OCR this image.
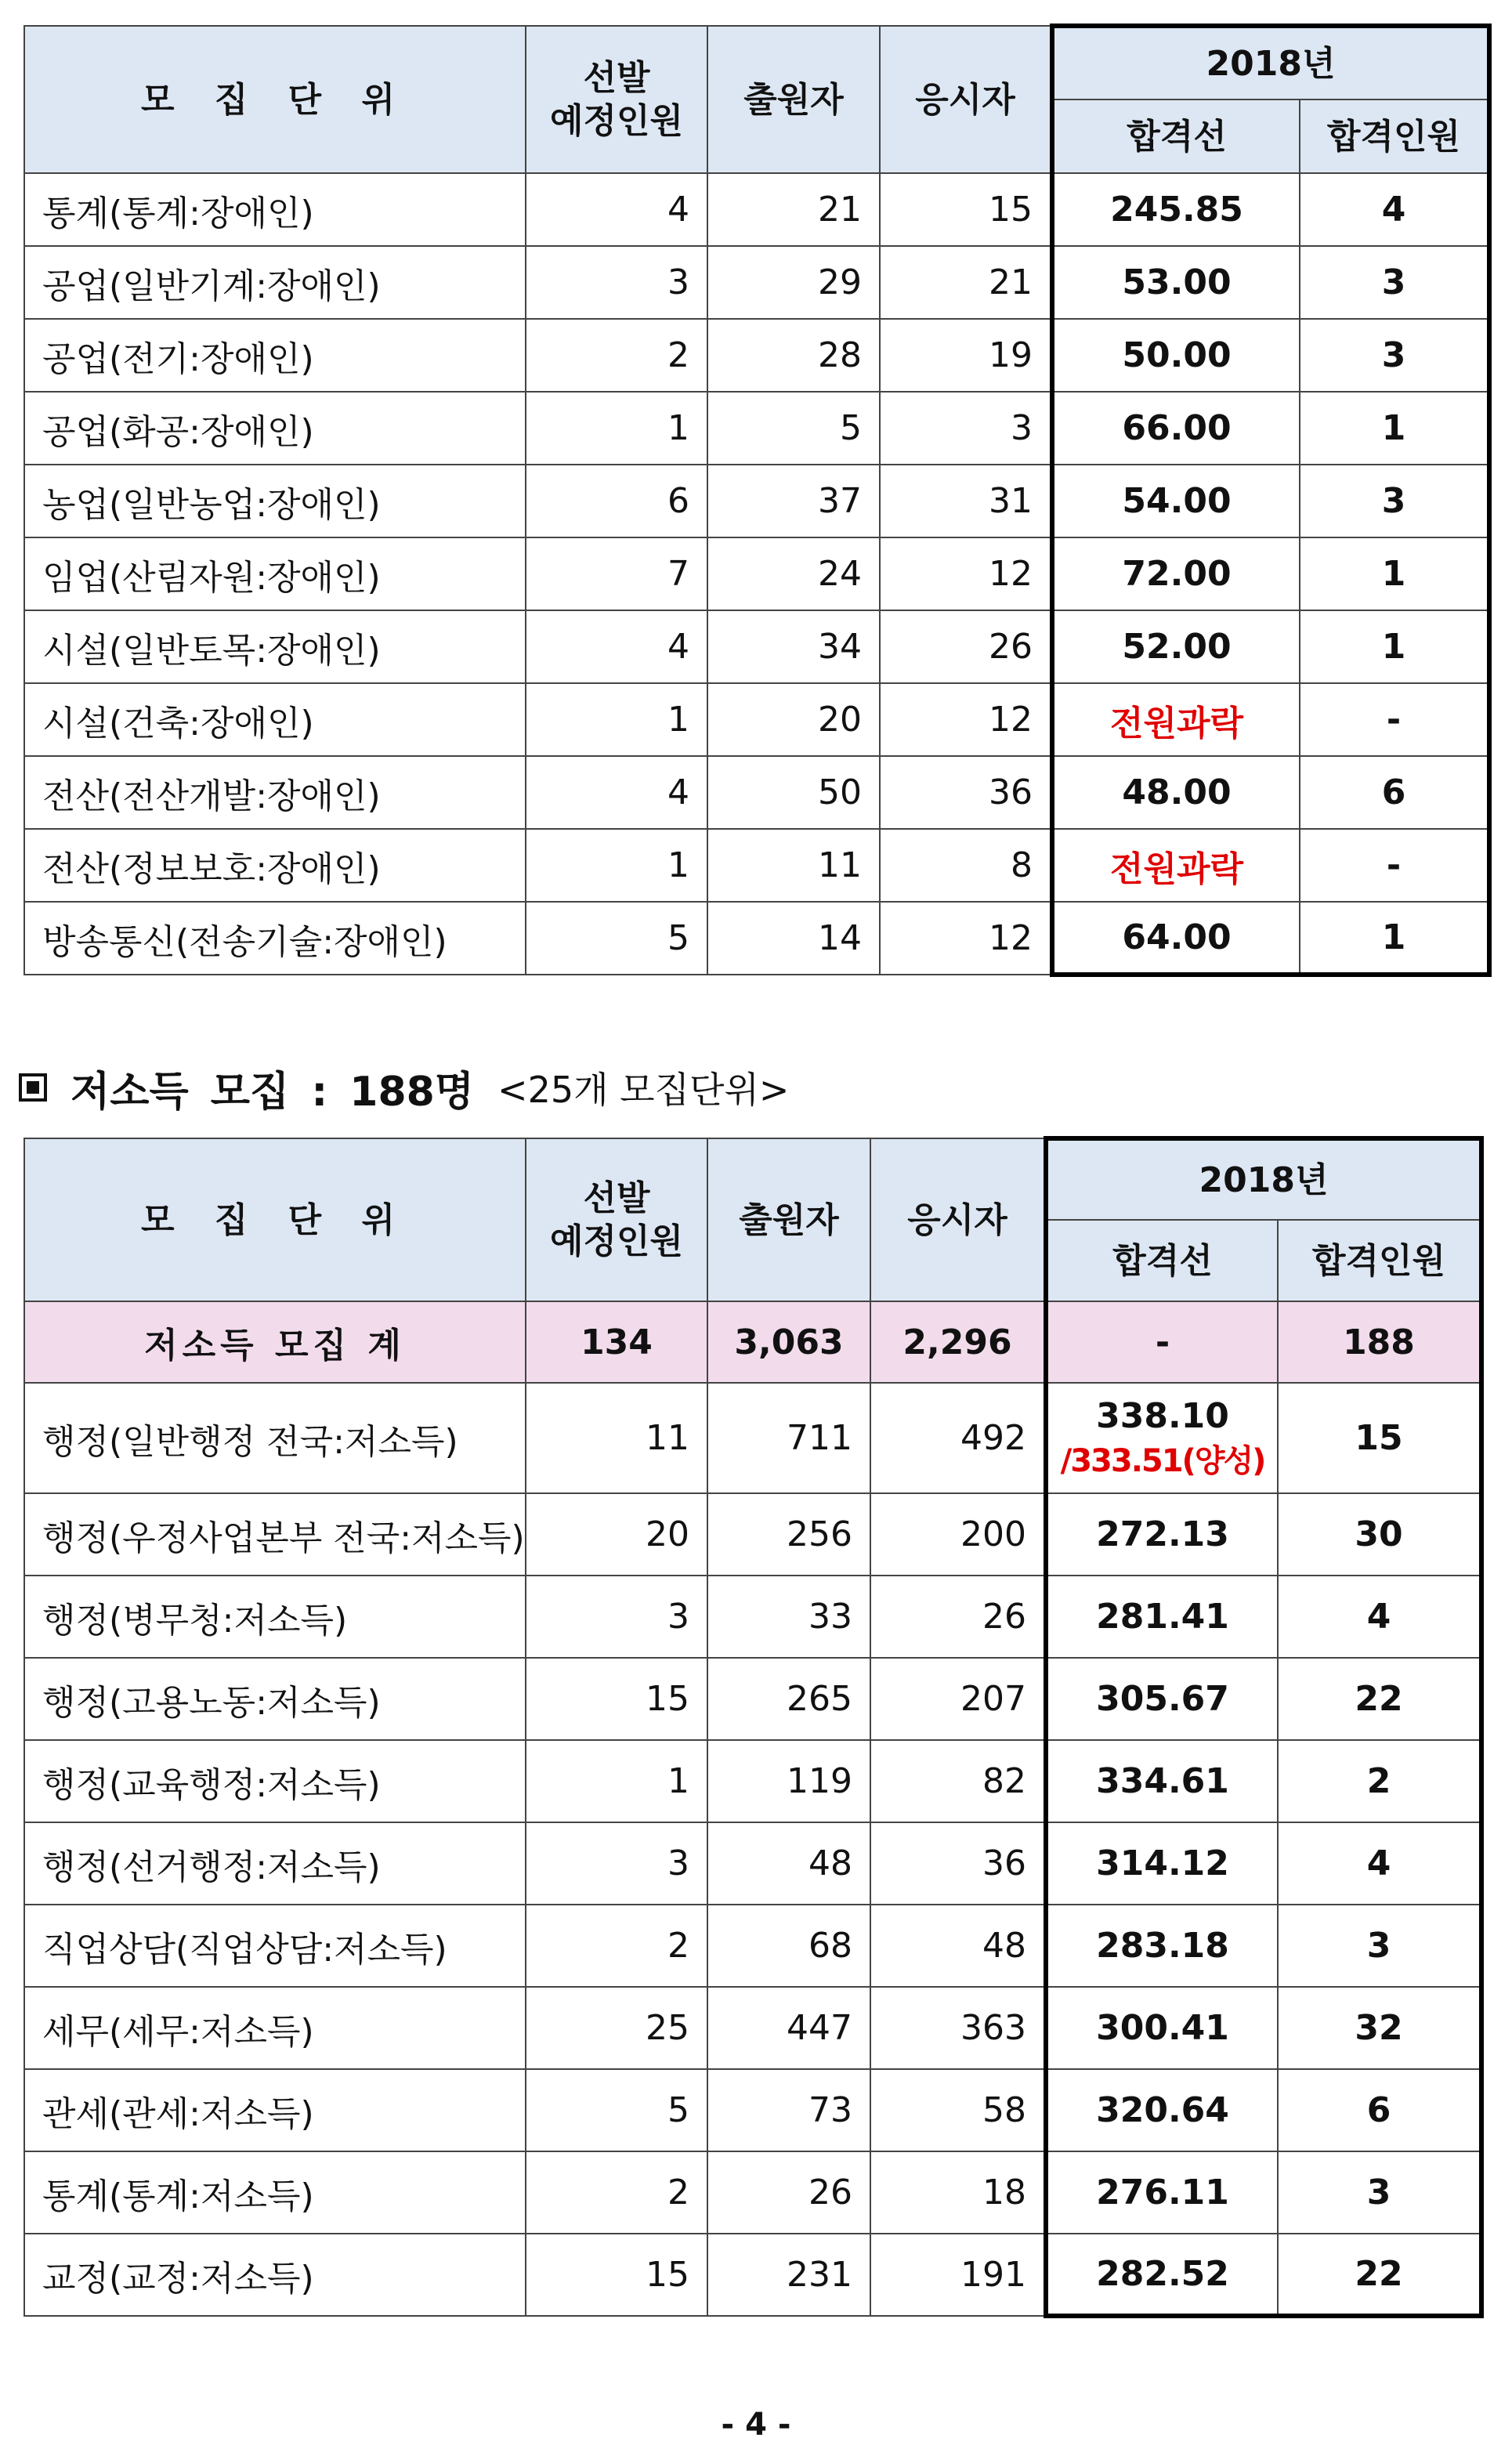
모 집 단 위	선발
예정인원	출원자	응시자	2018년	
				합격선	합격인원
통계(통계:장애인)	4	21	15	245.85	4
공업(일반기계:장애인)	3	29	21	53.00	3
공업(전기:장애인)	2	28	19	50.00	3
공업(화공:장애인)	1	5	3	66.00	1
농업(일반농업:장애인)	6	37	31	54.00	3
임업(산림자원:장애인)	7	24	12	72.00	1
시설(일반토목:장애인)	4	34	26	52.00	1
시설(건축:장애인)	1	20	12	전원과락	-
전산(전산개발:장애인)	4	50	36	48.00	6
전산(정보보호:장애인)	1	11	8	전원과락	-
방송통신(전송기술:장애인)	5	14	12	64.00	1
저소득 모집 : 188명 <25개 모집단위>
모 집 단 위	선발
예정인원	출원자	응시자	2018년	
				합격선	합격인원
저소득 모집 계	134	3,063	2,296	-	188
행정(일반행정 전국:저소득)	11	711	492	338.10
/333.51(양성)	15
행정(우정사업본부 전국:저소득)	20	256	200	272.13	30
행정(병무청:저소득)	3	33	26	281.41	4
행정(고용노동:저소득)	15	265	207	305.67	22
행정(교육행정:저소득)	1	119	82	334.61	2
행정(선거행정:저소득)	3	48	36	314.12	4
직업상담(직업상담:저소득)	2	68	48	283.18	3
세무(세무:저소득)	25	447	363	300.41	32
관세(관세:저소득)	5	73	58	320.64	6
통계(통계:저소득)	2	26	18	276.11	3
교정(교정:저소득)	15	231	191	282.52	22
- 4 -
